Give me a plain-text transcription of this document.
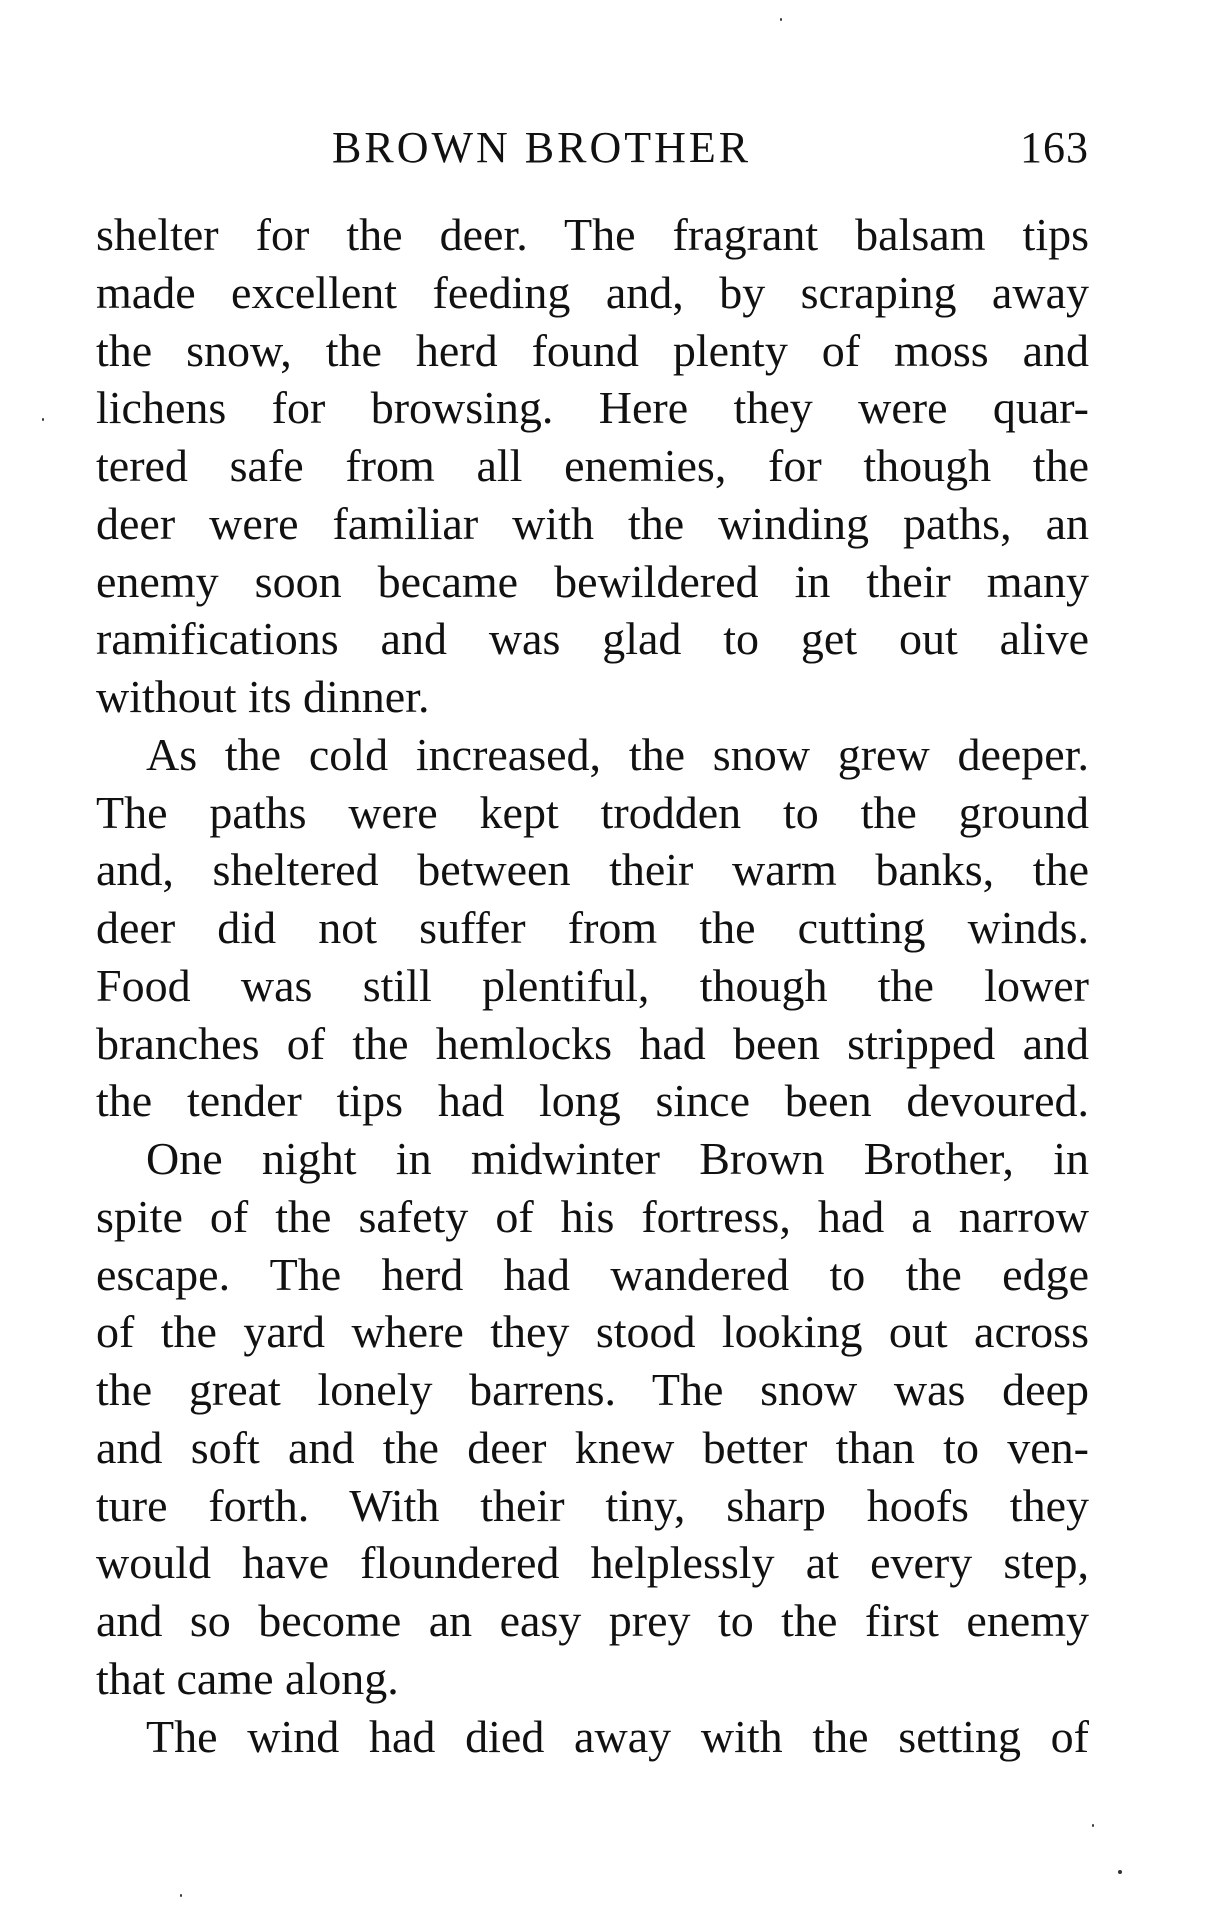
BROWN BROTHER	163
shelter for the deer. The fragrant balsam tips
made excellent feeding and, by scraping away
the snow, the herd found plenty of moss and
lichens for browsing. Here they were quar-
tered safe from all enemies, for though the
deer were familiar with the winding paths, an
enemy soon became bewildered in their many
ramifications and was glad to get out alive
without its dinner.
As the cold increased, the snow grew deeper.
The paths were kept trodden to the ground
and, sheltered between their warm banks, the
deer did not suffer from the cutting winds.
Food was still plentiful, though the lower
branches of the hemlocks had been stripped and
the tender tips had long since been devoured.
One night in midwinter Brown Brother, in
spite of the safety of his fortress, had a narrow
escape. The herd had wandered to the edge
of the yard where they stood looking out across
the great lonely barrens. The snow was deep
and soft and the deer knew better than to ven-
ture forth. With their tiny, sharp hoofs they
would have floundered helplessly at every step,
and so become an easy prey to the first enemy
that came along.
The wind had died away with the setting of
